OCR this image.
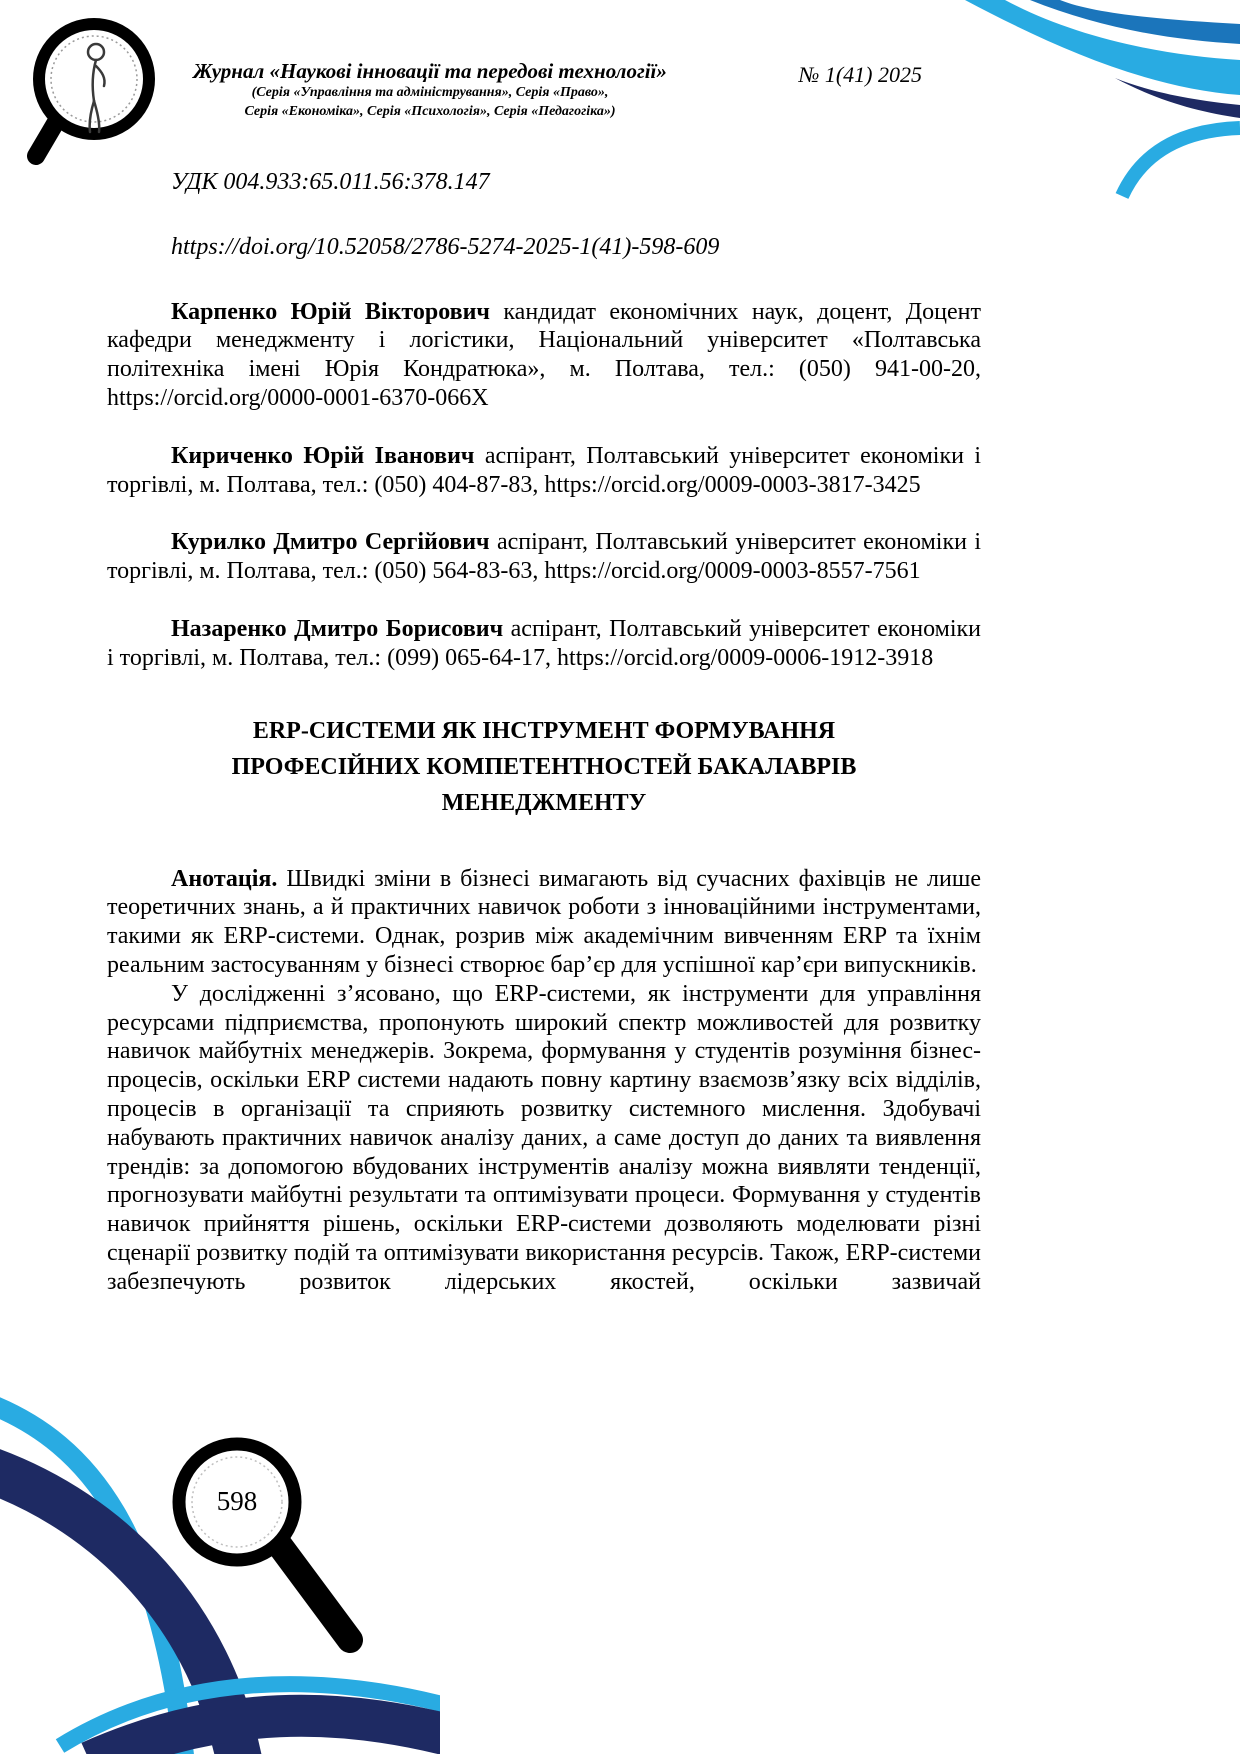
Журнал «Наукові інновації та передові технології»
(Серія «Управління та адміністрування», Серія «Право»,
Серія «Економіка», Серія «Психологія», Серія «Педагогіка»)
№ 1(41) 2025

УДК 004.933:65.011.56:378.147

https://doi.org/10.52058/2786-5274-2025-1(41)-598-609

Карпенко Юрій Вікторович кандидат економічних наук, доцент, Доцент кафедри менеджменту і логістики, Національний університет «Полтавська політехніка імені Юрія Кондратюка», м. Полтава, тел.: (050) 941-00-20, https://orcid.org/0000-0001-6370-066X

Кириченко Юрій Іванович аспірант, Полтавський університет економіки і торгівлі, м. Полтава, тел.: (050) 404-87-83, https://orcid.org/0009-0003-3817-3425

Курилко Дмитро Сергійович аспірант, Полтавський університет економіки і торгівлі, м. Полтава, тел.: (050) 564-83-63, https://orcid.org/0009-0003-8557-7561

Назаренко Дмитро Борисович аспірант, Полтавський університет економіки і торгівлі, м. Полтава, тел.: (099) 065-64-17, https://orcid.org/0009-0006-1912-3918

ERP-СИСТЕМИ ЯК ІНСТРУМЕНТ ФОРМУВАННЯ
ПРОФЕСІЙНИХ КОМПЕТЕНТНОСТЕЙ БАКАЛАВРІВ
МЕНЕДЖМЕНТУ

Анотація. Швидкі зміни в бізнесі вимагають від сучасних фахівців не лише теоретичних знань, а й практичних навичок роботи з інноваційними інструментами, такими як ERP-системи. Однак, розрив між академічним вивченням ERP та їхнім реальним застосуванням у бізнесі створює бар’єр для успішної кар’єри випускників.

У дослідженні з’ясовано, що ERP-системи, як інструменти для управління ресурсами підприємства, пропонують широкий спектр можливостей для розвитку навичок майбутніх менеджерів. Зокрема, формування у студентів розуміння бізнес-процесів, оскільки ERP системи надають повну картину взаємозв’язку всіх відділів, процесів в організації та сприяють розвитку системного мислення. Здобувачі набувають практичних навичок аналізу даних, а саме доступ до даних та виявлення трендів: за допомогою вбудованих інструментів аналізу можна виявляти тенденції, прогнозувати майбутні результати та оптимізувати процеси. Формування у студентів навичок прийняття рішень, оскільки ERP-системи дозволяють моделювати різні сценарії розвитку подій та оптимізувати використання ресурсів. Також, ERP-системи забезпечують розвиток лідерських якостей, оскільки зазвичай

598
